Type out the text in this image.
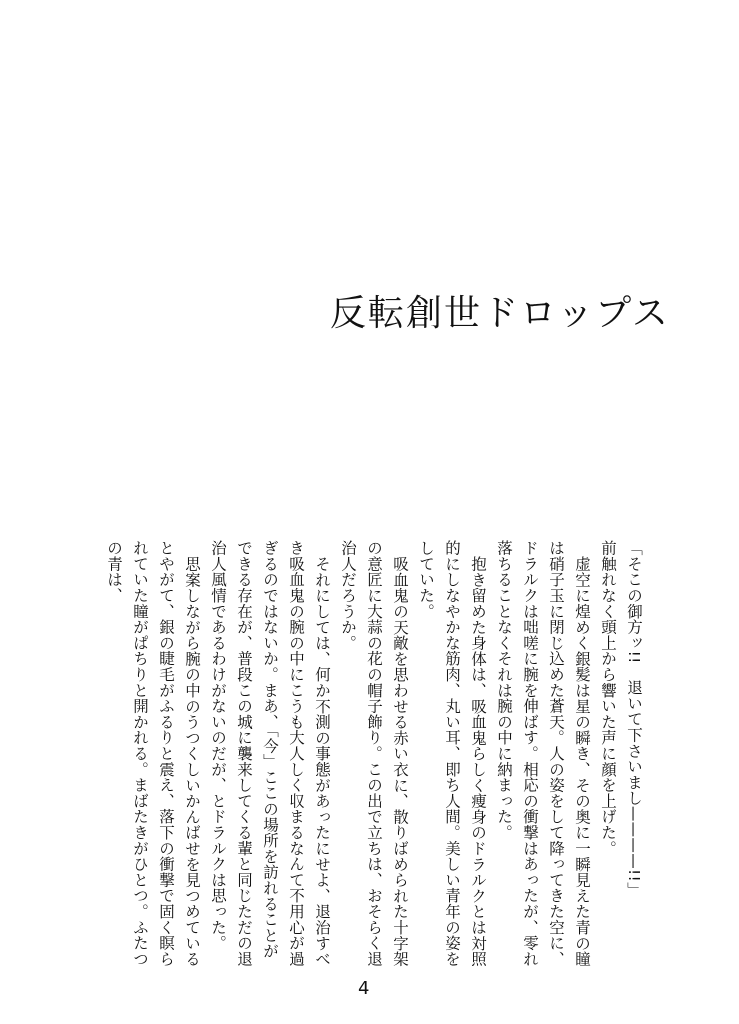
反転創世ドロップス

「そこの御方ッ!!　退いて下さいまし————!!」

前触れなく頭上から響いた声に顔を上げた。

虚空に煌めく銀髪は星の瞬き、その奥に一瞬見えた青の瞳は硝子玉に閉じ込めた蒼天。人の姿をして降ってきた空に、ドラルクは咄嗟に腕を伸ばす。相応の衝撃はあったが、零れ落ちることなくそれは腕の中に納まった。

抱き留めた身体は、吸血鬼らしく痩身のドラルクとは対照的にしなやかな筋肉、丸い耳、即ち人間。美しい青年の姿をしていた。

吸血鬼の天敵を思わせる赤い衣に、散りばめられた十字架の意匠に大蒜の花の帽子飾り。この出で立ちは、おそらく退治人だろうか。

それにしては、何か不測の事態があったにせよ、退治すべき吸血鬼の腕の中にこうも大人しく収まるなんて不用心が過ぎるのではないか。まあ、「今」ここの場所を訪れることができる存在が、普段この城に襲来してくる輩と同じただの退治人風情であるわけがないのだが、とドラルクは思った。

思案しながら腕の中のうつくしいかんばせを見つめているとやがて、銀の睫毛がふるりと震え、落下の衝撃で固く瞑られていた瞳がぱちりと開かれる。まばたきがひとつ。ふたつの青は、

4
